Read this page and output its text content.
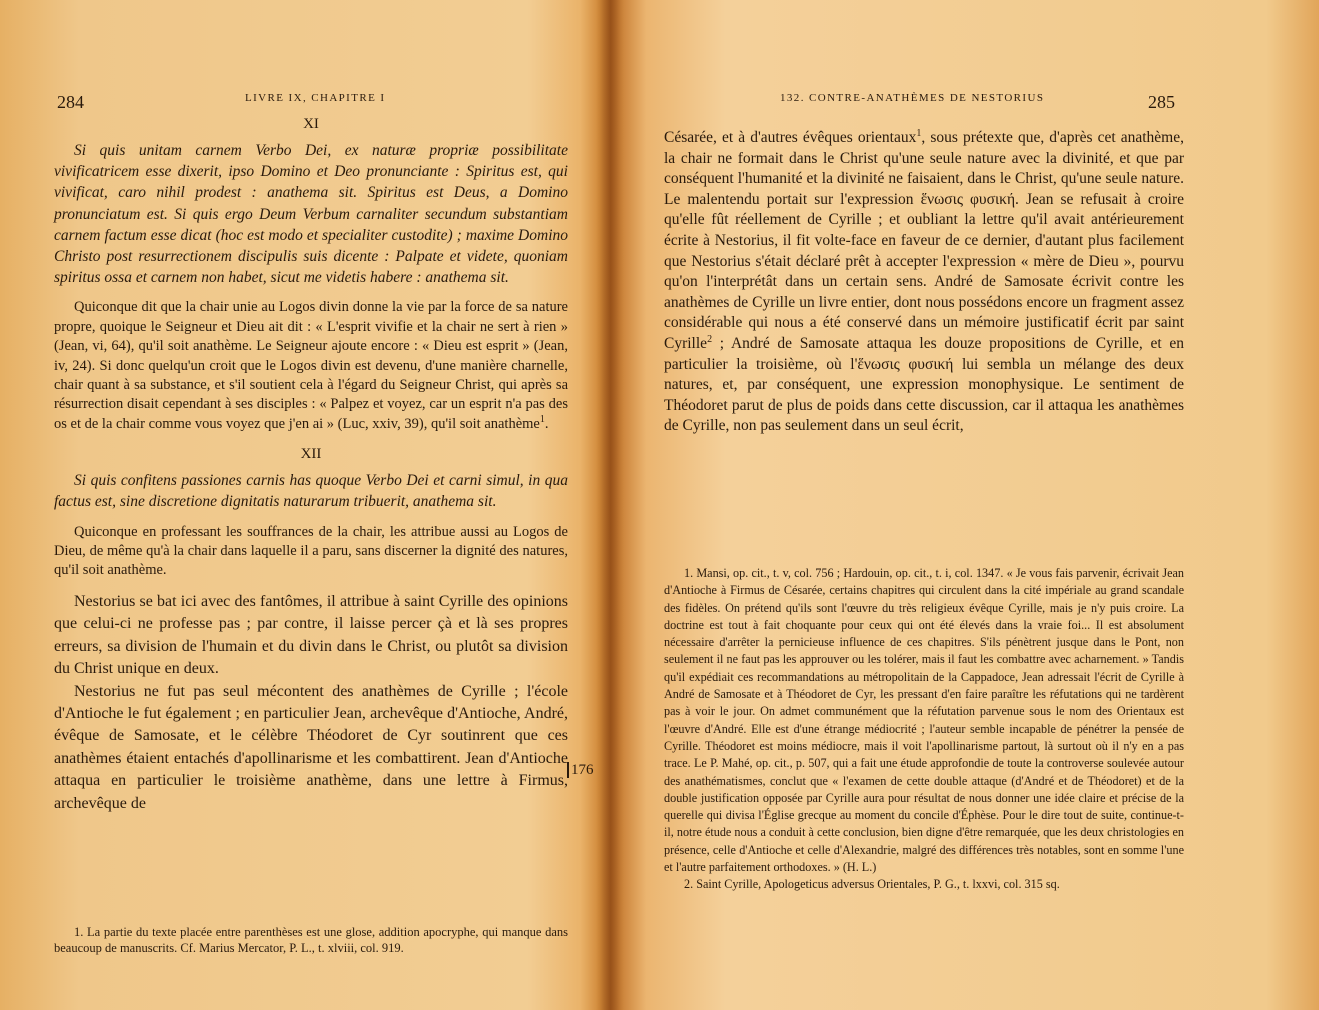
284	LIVRE IX, CHAPITRE I
XI

Si quis unitam carnem Verbo Dei, ex naturæ propriæ possibilitate vivificatricem esse dixerit, ipso Domino et Deo pronunciante : Spiritus est, qui vivificat, caro nihil prodest : anathema sit. Spiritus est Deus, a Domino pronunciatum est. Si quis ergo Deum Verbum carnaliter secundum substantiam carnem factum esse dicat (hoc est modo et specialiter custodite) ; maxime Domino Christo post resurrectionem discipulis suis dicente : Palpate et videte, quoniam spiritus ossa et carnem non habet, sicut me videtis habere : anathema sit.

Quiconque dit que la chair unie au Logos divin donne la vie par la force de sa nature propre, quoique le Seigneur et Dieu ait dit : « L'esprit vivifie et la chair ne sert à rien » (Jean, vi, 64), qu'il soit anathème. Le Seigneur ajoute encore : « Dieu est esprit » (Jean, iv, 24). Si donc quelqu'un croit que le Logos divin est devenu, d'une manière charnelle, chair quant à sa substance, et s'il soutient cela à l'égard du Seigneur Christ, qui après sa résurrection disait cependant à ses disciples : « Palpez et voyez, car un esprit n'a pas des os et de la chair comme vous voyez que j'en ai » (Luc, xxiv, 39), qu'il soit anathème$^1$.

XII

Si quis confitens passiones carnis has quoque Verbo Dei et carni simul, in qua factus est, sine discretione dignitatis naturarum tribuerit, anathema sit.

Quiconque en professant les souffrances de la chair, les attribue aussi au Logos de Dieu, de même qu'à la chair dans laquelle il a paru, sans discerner la dignité des natures, qu'il soit anathème.

Nestorius se bat ici avec des fantômes, il attribue à saint Cyrille des opinions que celui-ci ne professe pas ; par contre, il laisse percer çà et là ses propres erreurs, sa division de l'humain et du divin dans le Christ, ou plutôt sa division du Christ unique en deux.

Nestorius ne fut pas seul mécontent des anathèmes de Cyrille ; l'école d'Antioche le fut également ; en particulier Jean, archevêque d'Antioche, André, évêque de Samosate, et le célèbre Théodoret de Cyr soutinrent que ces anathèmes étaient entachés d'apollinarisme et les combattirent. Jean d'Antioche attaqua en particulier le troisième anathème, dans une lettre à Firmus, archevêque de

1. La partie du texte placée entre parenthèses est une glose, addition apocryphe, qui manque dans beaucoup de manuscrits. Cf. Marius Mercator, P. L., t. xlviii, col. 919.

176
132. CONTRE-ANATHÈMES DE NESTORIUS	285

Césarée, et à d'autres évêques orientaux$^1$, sous prétexte que, d'après cet anathème, la chair ne formait dans le Christ qu'une seule nature avec la divinité, et que par conséquent l'humanité et la divinité ne faisaient, dans le Christ, qu'une seule nature. Le malentendu portait sur l'expression ἕνωσις φυσική. Jean se refusait à croire qu'elle fût réellement de Cyrille ; et oubliant la lettre qu'il avait antérieurement écrite à Nestorius, il fit volte-face en faveur de ce dernier, d'autant plus facilement que Nestorius s'était déclaré prêt à accepter l'expression « mère de Dieu », pourvu qu'on l'interprétât dans un certain sens. André de Samosate écrivit contre les anathèmes de Cyrille un livre entier, dont nous possédons encore un fragment assez considérable qui nous a été conservé dans un mémoire justificatif écrit par saint Cyrille$^2$ ; André de Samosate attaqua les douze propositions de Cyrille, et en particulier la troisième, où l'ἕνωσις φυσική lui sembla un mélange des deux natures, et, par conséquent, une expression monophysique. Le sentiment de Théodoret parut de plus de poids dans cette discussion, car il attaqua les anathèmes de Cyrille, non pas seulement dans un seul écrit,

1. Mansi, op. cit., t. v, col. 756 ; Hardouin, op. cit., t. i, col. 1347. « Je vous fais parvenir, écrivait Jean d'Antioche à Firmus de Césarée, certains chapitres qui circulent dans la cité impériale au grand scandale des fidèles. On prétend qu'ils sont l'œuvre du très religieux évêque Cyrille, mais je n'y puis croire. La doctrine est tout à fait choquante pour ceux qui ont été élevés dans la vraie foi... Il est absolument nécessaire d'arrêter la pernicieuse influence de ces chapitres. S'ils pénètrent jusque dans le Pont, non seulement il ne faut pas les approuver ou les tolérer, mais il faut les combattre avec acharnement. » Tandis qu'il expédiait ces recommandations au métropolitain de la Cappadoce, Jean adressait l'écrit de Cyrille à André de Samosate et à Théodoret de Cyr, les pressant d'en faire paraître les réfutations qui ne tardèrent pas à voir le jour. On admet communément que la réfutation parvenue sous le nom des Orientaux est l'œuvre d'André. Elle est d'une étrange médiocrité ; l'auteur semble incapable de pénétrer la pensée de Cyrille. Théodoret est moins médiocre, mais il voit l'apollinarisme partout, là surtout où il n'y en a pas trace. Le P. Mahé, op. cit., p. 507, qui a fait une étude approfondie de toute la controverse soulevée autour des anathématismes, conclut que « l'examen de cette double attaque (d'André et de Théodoret) et de la double justification opposée par Cyrille aura pour résultat de nous donner une idée claire et précise de la querelle qui divisa l'Église grecque au moment du concile d'Éphèse. Pour le dire tout de suite, continue-t-il, notre étude nous a conduit à cette conclusion, bien digne d'être remarquée, que les deux christologies en présence, celle d'Antioche et celle d'Alexandrie, malgré des différences très notables, sont en somme l'une et l'autre parfaitement orthodoxes. » (H. L.)

2. Saint Cyrille, Apologeticus adversus Orientales, P. G., t. lxxvi, col. 315 sq.
